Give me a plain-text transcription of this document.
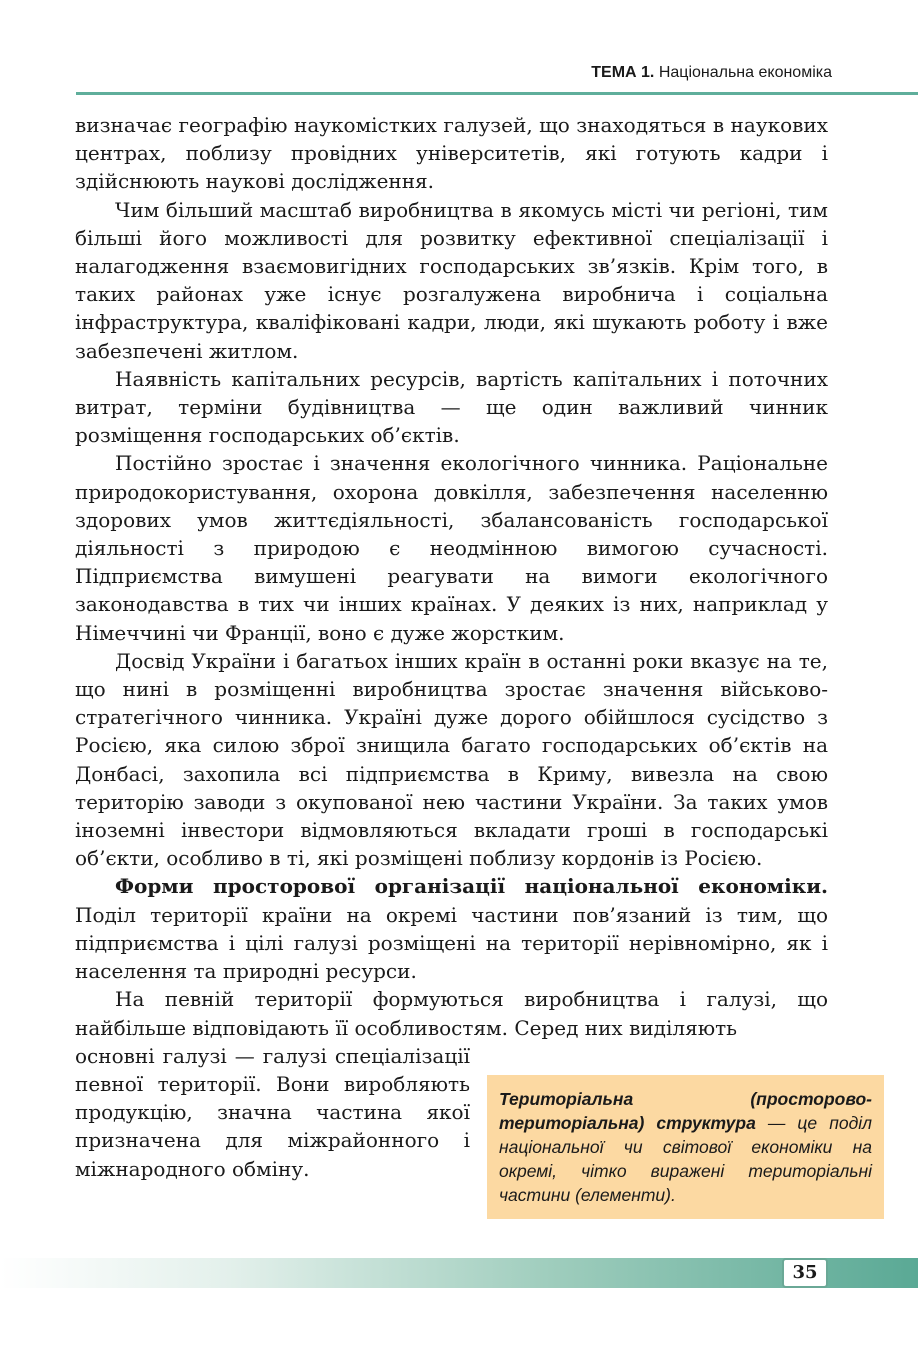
ТЕМА 1. Національна економіка

визначає географію наукомістких галузей, що знаходяться в наукових центрах, поблизу провідних університетів, які готують кадри і здійснюють наукові дослідження.

Чим більший масштаб виробництва в якомусь місті чи регіоні, тим більші його можливості для розвитку ефективної спеціалізації і налагодження взаємовигідних господарських зв’язків. Крім того, в таких районах уже існує розгалужена виробнича і соціальна інфраструктура, кваліфіковані кадри, люди, які шукають роботу і вже забезпечені житлом.

Наявність капітальних ресурсів, вартість капітальних і поточних витрат, терміни будівництва — ще один важливий чинник розміщення господарських об’єктів.

Постійно зростає і значення екологічного чинника. Раціональне природокористування, охорона довкілля, забезпечення населенню здорових умов життєдіяльності, збалансованість господарської діяльності з природою є неодмінною вимогою сучасності. Підприємства вимушені реагувати на вимоги екологічного законодавства в тих чи інших країнах. У деяких із них, наприклад у Німеччині чи Франції, воно є дуже жорстким.

Досвід України і багатьох інших країн в останні роки вказує на те, що нині в розміщенні виробництва зростає значення військово-стратегічного чинника. Україні дуже дорого обійшлося сусідство з Росією, яка силою зброї знищила багато господарських об’єктів на Донбасі, захопила всі підприємства в Криму, вивезла на свою територію заводи з окупованої нею частини України. За таких умов іноземні інвестори відмовляються вкладати гроші в господарські об’єкти, особливо в ті, які розміщені поблизу кордонів із Росією.

Форми просторової організації національної економіки. Поділ території країни на окремі частини пов’язаний із тим, що підприємства і цілі галузі розміщені на території нерівномірно, як і населення та природні ресурси.

На певній території формуються виробництва і галузі, що найбільше відповідають її особливостям. Серед них виділяють

основні галузі — галузі спеціалізації певної території. Вони виробляють продукцію, значна частина якої призначена для міжрайонного і міжнародного обміну.
Територіальна (просторово-територіальна) структура — це поділ національної чи світової економіки на окремі, чітко виражені територіальні частини (елементи).
35
